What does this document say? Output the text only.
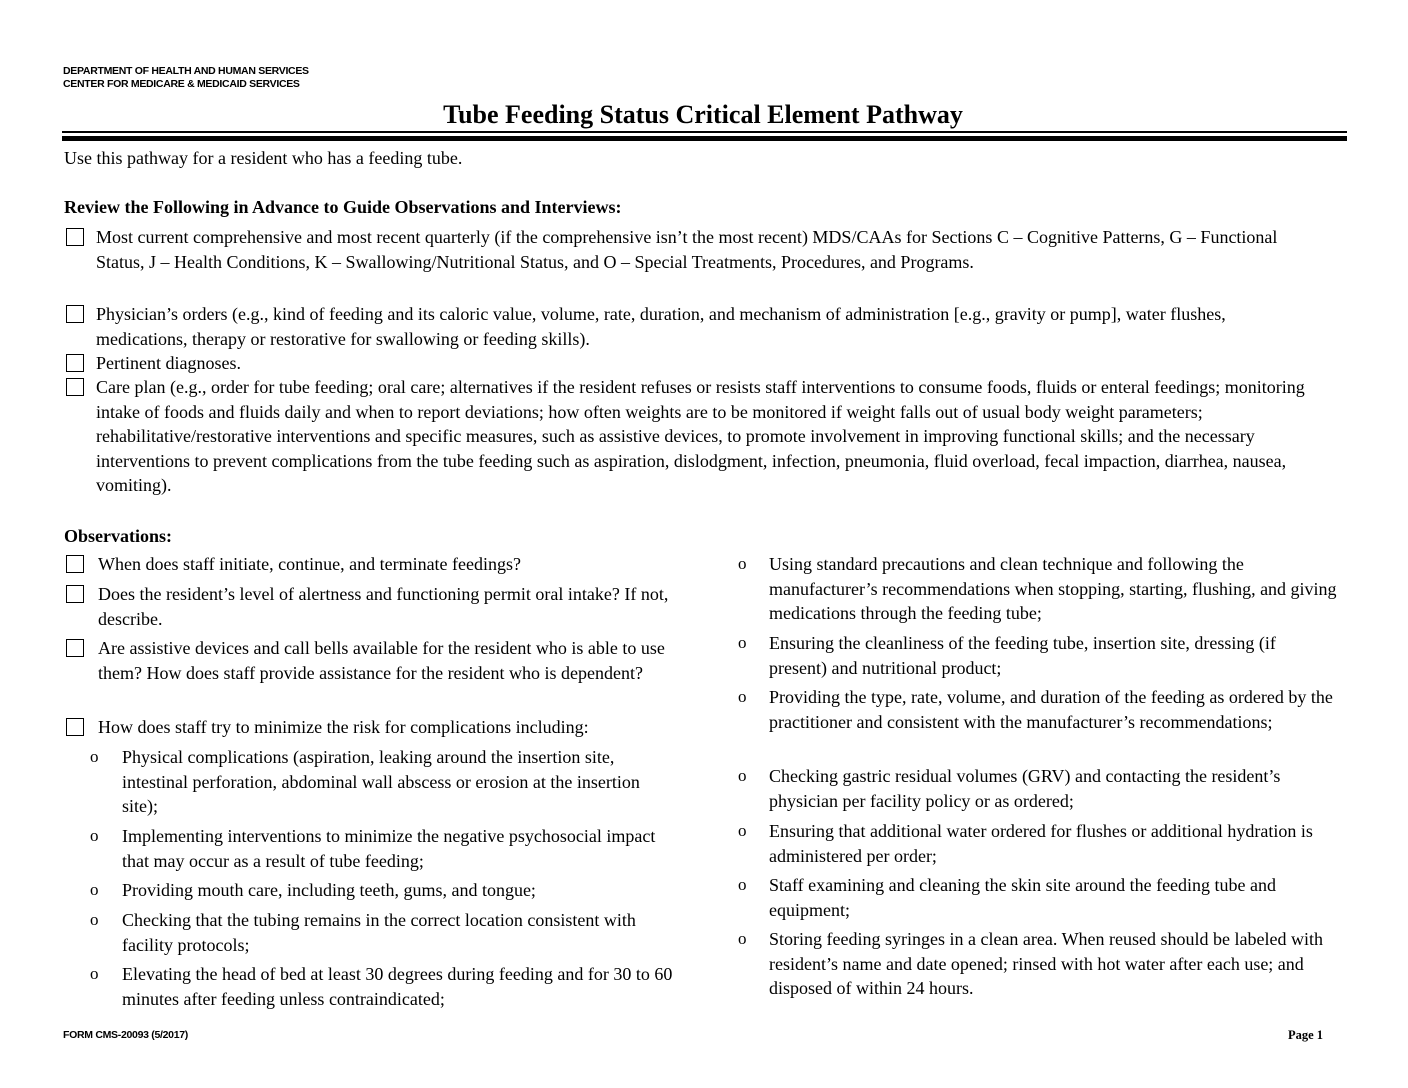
DEPARTMENT OF HEALTH AND HUMAN SERVICES
CENTER FOR MEDICARE & MEDICAID SERVICES
Tube Feeding Status Critical Element Pathway
Use this pathway for a resident who has a feeding tube.
Review the Following in Advance to Guide Observations and Interviews:
Most current comprehensive and most recent quarterly (if the comprehensive isn’t the most recent) MDS/CAAs for Sections C – Cognitive Patterns, G – Functional Status, J – Health Conditions, K – Swallowing/Nutritional Status, and O – Special Treatments, Procedures, and Programs.
Physician’s orders (e.g., kind of feeding and its caloric value, volume, rate, duration, and mechanism of administration [e.g., gravity or pump], water flushes, medications, therapy or restorative for swallowing or feeding skills).
Pertinent diagnoses.
Care plan (e.g., order for tube feeding; oral care; alternatives if the resident refuses or resists staff interventions to consume foods, fluids or enteral feedings; monitoring intake of foods and fluids daily and when to report deviations; how often weights are to be monitored if weight falls out of usual body weight parameters; rehabilitative/restorative interventions and specific measures, such as assistive devices, to promote involvement in improving functional skills; and the necessary interventions to prevent complications from the tube feeding such as aspiration, dislodgment, infection, pneumonia, fluid overload, fecal impaction, diarrhea, nausea, vomiting).
Observations:
When does staff initiate, continue, and terminate feedings?
Does the resident’s level of alertness and functioning permit oral intake? If not, describe.
Are assistive devices and call bells available for the resident who is able to use them? How does staff provide assistance for the resident who is dependent?
How does staff try to minimize the risk for complications including:
o	Physical complications (aspiration, leaking around the insertion site, intestinal perforation, abdominal wall abscess or erosion at the insertion site);
o	Implementing interventions to minimize the negative psychosocial impact that may occur as a result of tube feeding;
o	Providing mouth care, including teeth, gums, and tongue;
o	Checking that the tubing remains in the correct location consistent with facility protocols;
o	Elevating the head of bed at least 30 degrees during feeding and for 30 to 60 minutes after feeding unless contraindicated;
o	Using standard precautions and clean technique and following the manufacturer’s recommendations when stopping, starting, flushing, and giving medications through the feeding tube;
o	Ensuring the cleanliness of the feeding tube, insertion site, dressing (if present) and nutritional product;
o	Providing the type, rate, volume, and duration of the feeding as ordered by the practitioner and consistent with the manufacturer’s recommendations;
o	Checking gastric residual volumes (GRV) and contacting the resident’s physician per facility policy or as ordered;
o	Ensuring that additional water ordered for flushes or additional hydration is administered per order;
o	Staff examining and cleaning the skin site around the feeding tube and equipment;
o	Storing feeding syringes in a clean area. When reused should be labeled with resident’s name and date opened; rinsed with hot water after each use; and disposed of within 24 hours.
FORM CMS-20093 (5/2017)	Page 1
